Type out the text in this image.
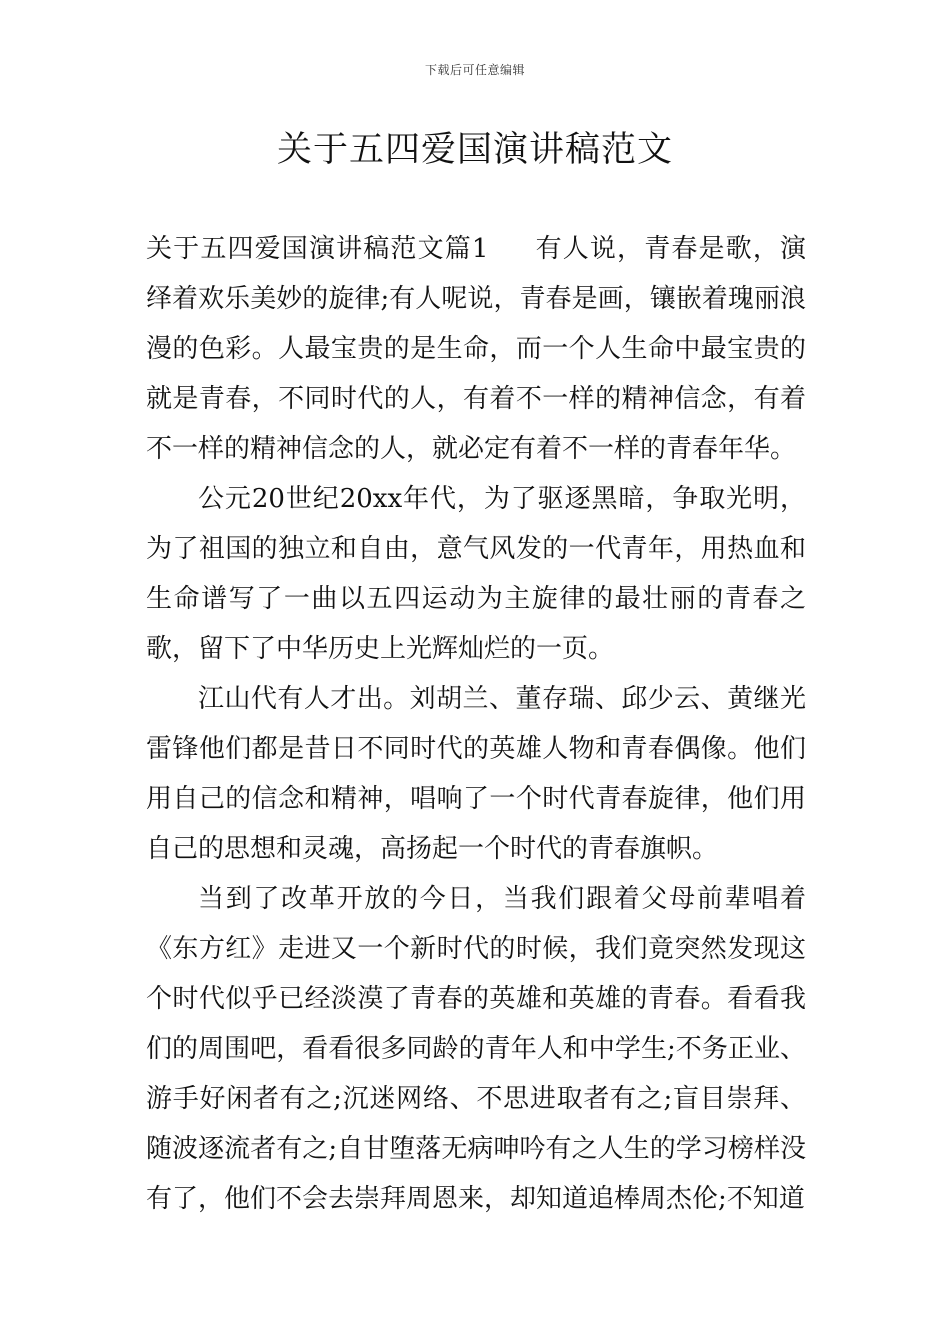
下载后可任意编辑
关于五四爱国演讲稿范文

关于五四爱国演讲稿范文篇1 有人说，青春是歌，演绎着欢乐美妙的旋律;有人呢说，青春是画，镶嵌着瑰丽浪漫的色彩。人最宝贵的是生命，而一个人生命中最宝贵的就是青春，不同时代的人，有着不一样的精神信念，有着不一样的精神信念的人，就必定有着不一样的青春年华。

公元20世纪20xx年代，为了驱逐黑暗，争取光明，为了祖国的独立和自由，意气风发的一代青年，用热血和生命谱写了一曲以五四运动为主旋律的最壮丽的青春之歌，留下了中华历史上光辉灿烂的一页。

江山代有人才出。刘胡兰、董存瑞、邱少云、黄继光雷锋他们都是昔日不同时代的英雄人物和青春偶像。他们用自己的信念和精神，唱响了一个时代青春旋律，他们用自己的思想和灵魂，高扬起一个时代的青春旗帜。

当到了改革开放的今日，当我们跟着父母前辈唱着《东方红》走进又一个新时代的时候，我们竟突然发现这个时代似乎已经淡漠了青春的英雄和英雄的青春。看看我们的周围吧，看看很多同龄的青年人和中学生;不务正业、游手好闲者有之;沉迷网络、不思进取者有之;盲目崇拜、随波逐流者有之;自甘堕落无病呻吟有之人生的学习榜样没有了，他们不会去崇拜周恩来，却知道追棒周杰伦;不知道
